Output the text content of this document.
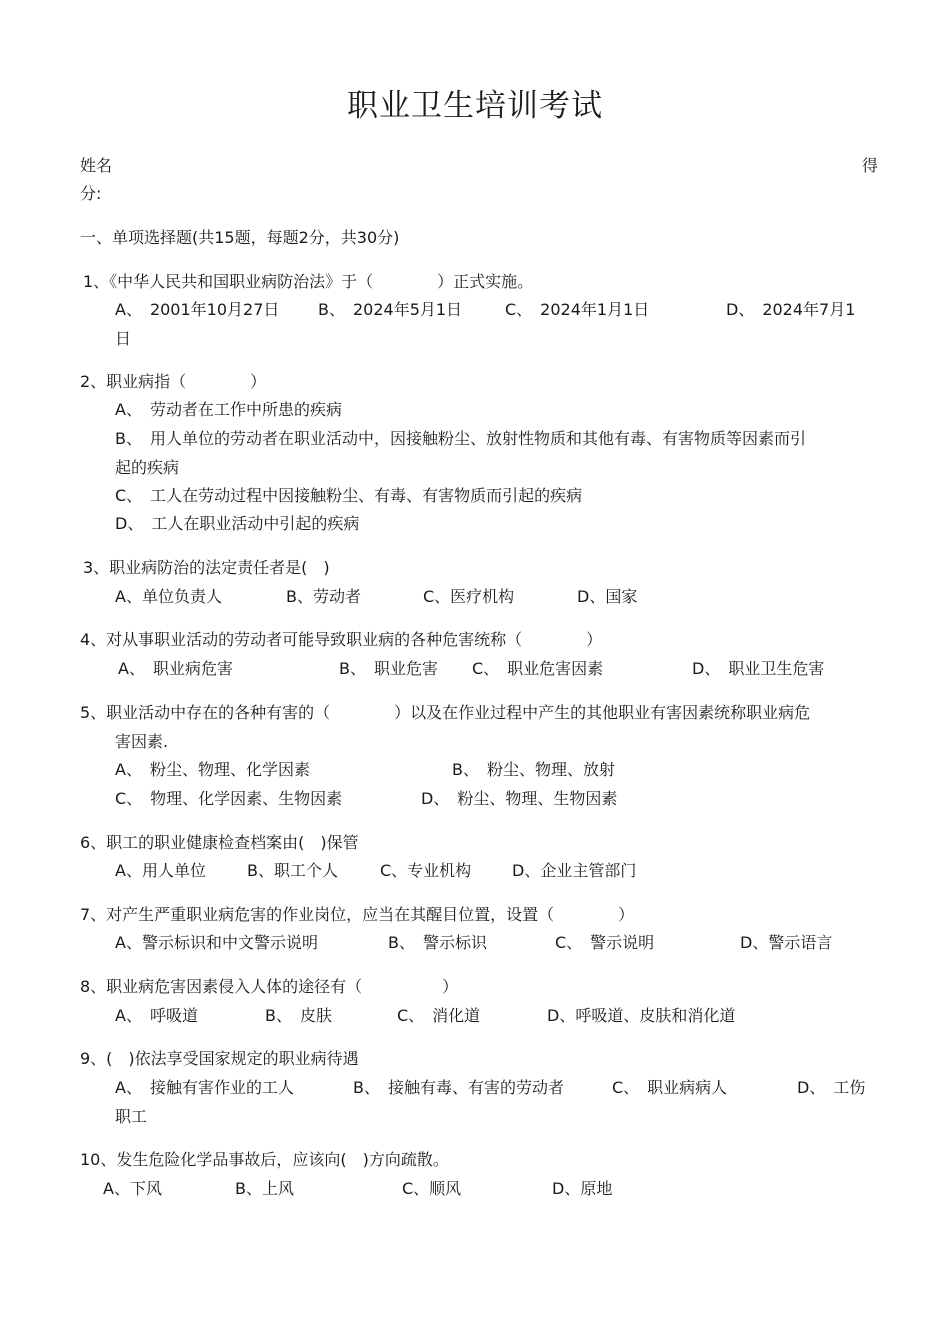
职业卫生培训考试
姓名	得
分:
一、单项选择题(共15题，每题2分，共30分)
1、《中华人民共和国职业病防治法》于（　　　　）正式实施。
A、　2001年10月27日 B、　2024年5月1日	C、　2024年1月1日	D、　2024年7月1
日
2、职业病指（　　　　）
A、　劳动者在工作中所患的疾病
B、　用人单位的劳动者在职业活动中，因接触粉尘、放射性物质和其他有毒、有害物质等因素而引
起的疾病
C、　工人在劳动过程中因接触粉尘、有毒、有害物质而引起的疾病
D、　工人在职业活动中引起的疾病
3、职业病防治的法定责任者是(　)
A、单位负责人	B、劳动者	C、医疗机构	D、国家
4、对从事职业活动的劳动者可能导致职业病的各种危害统称（　　　　）
A、　职业病危害	B、　职业危害 C、　职业危害因素	D、　职业卫生危害
5、职业活动中存在的各种有害的（　　　　）以及在作业过程中产生的其他职业有害因素统称职业病危
害因素.
A、　粉尘、物理、化学因素	B、　粉尘、物理、放射
C、　物理、化学因素、生物因素	D、　粉尘、物理、生物因素
6、职工的职业健康检查档案由(　)保管
A、用人单位	B、职工个人	C、专业机构	D、企业主管部门
7、对产生严重职业病危害的作业岗位，应当在其醒目位置，设置（　　　　）
A、警示标识和中文警示说明	B、　警示标识	C、　警示说明	D、警示语言
8、职业病危害因素侵入人体的途径有（　　　　　）
A、　呼吸道	B、　皮肤	C、　消化道	D、呼吸道、皮肤和消化道
9、(　)依法享受国家规定的职业病待遇
A、　接触有害作业的工人	B、　接触有毒、有害的劳动者	C、　职业病病人	D、　工伤
职工
10、发生危险化学品事故后，应该向(　)方向疏散。
A、下风	B、上风	C、顺风	D、原地
